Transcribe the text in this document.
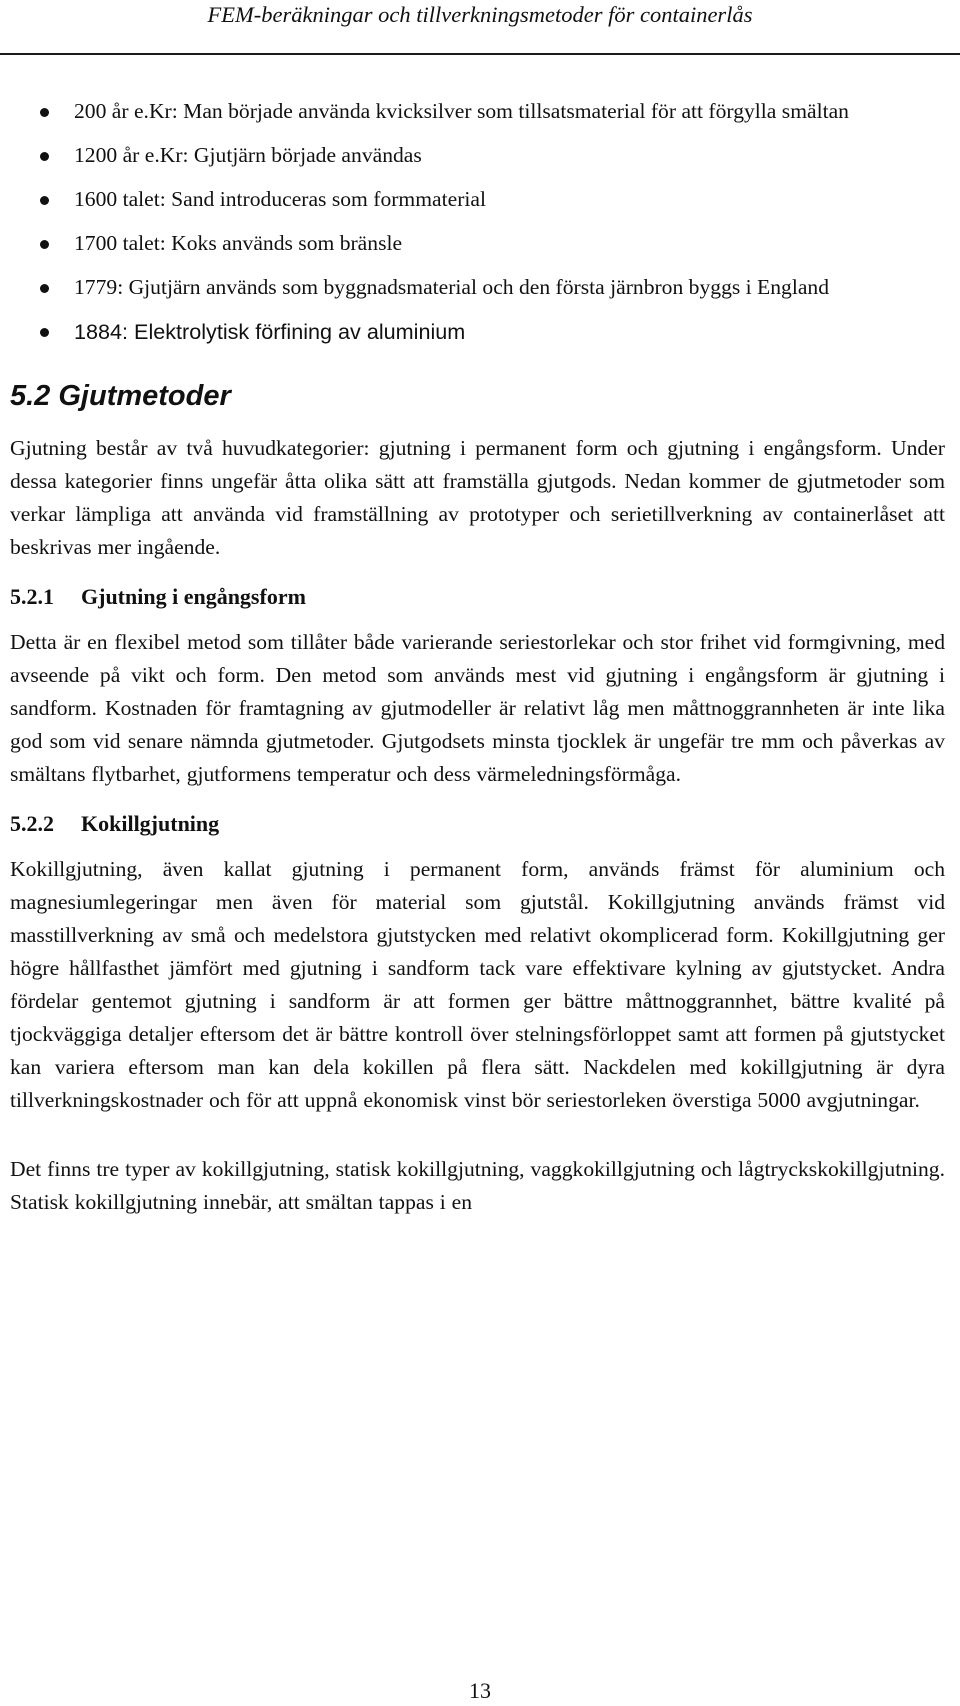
FEM-beräkningar och tillverkningsmetoder för containerlås
200 år e.Kr: Man började använda kvicksilver som tillsatsmaterial för att förgylla smältan
1200 år e.Kr: Gjutjärn började användas
1600 talet: Sand introduceras som formmaterial
1700 talet: Koks används som bränsle
1779: Gjutjärn används som byggnadsmaterial och den första järnbron byggs i England
1884: Elektrolytisk förfining av aluminium
5.2 Gjutmetoder

Gjutning består av två huvudkategorier: gjutning i permanent form och gjutning i engångsform. Under dessa kategorier finns ungefär åtta olika sätt att framställa gjutgods. Nedan kommer de gjutmetoder som verkar lämpliga att använda vid framställning av prototyper och serietillverkning av containerlåset att beskrivas mer ingående.

5.2.1 Gjutning i engångsform

Detta är en flexibel metod som tillåter både varierande seriestorlekar och stor frihet vid formgivning, med avseende på vikt och form. Den metod som används mest vid gjutning i engångsform är gjutning i sandform. Kostnaden för framtagning av gjutmodeller är relativt låg men måttnoggrannheten är inte lika god som vid senare nämnda gjutmetoder. Gjutgodsets minsta tjocklek är ungefär tre mm och påverkas av smältans flytbarhet, gjutformens temperatur och dess värmeledningsförmåga.

5.2.2 Kokillgjutning

Kokillgjutning, även kallat gjutning i permanent form, används främst för aluminium och magnesiumlegeringar men även för material som gjutstål. Kokillgjutning används främst vid masstillverkning av små och medelstora gjutstycken med relativt okomplicerad form. Kokillgjutning ger högre hållfasthet jämfört med gjutning i sandform tack vare effektivare kylning av gjutstycket. Andra fördelar gentemot gjutning i sandform är att formen ger bättre måttnoggrannhet, bättre kvalité på tjockväggiga detaljer eftersom det är bättre kontroll över stelningsförloppet samt att formen på gjutstycket kan variera eftersom man kan dela kokillen på flera sätt. Nackdelen med kokillgjutning är dyra tillverkningskostnader och för att uppnå ekonomisk vinst bör seriestorleken överstiga 5000 avgjutningar.

Det finns tre typer av kokillgjutning, statisk kokillgjutning, vaggkokillgjutning och lågtryckskokillgjutning. Statisk kokillgjutning innebär, att smältan tappas i en

13
